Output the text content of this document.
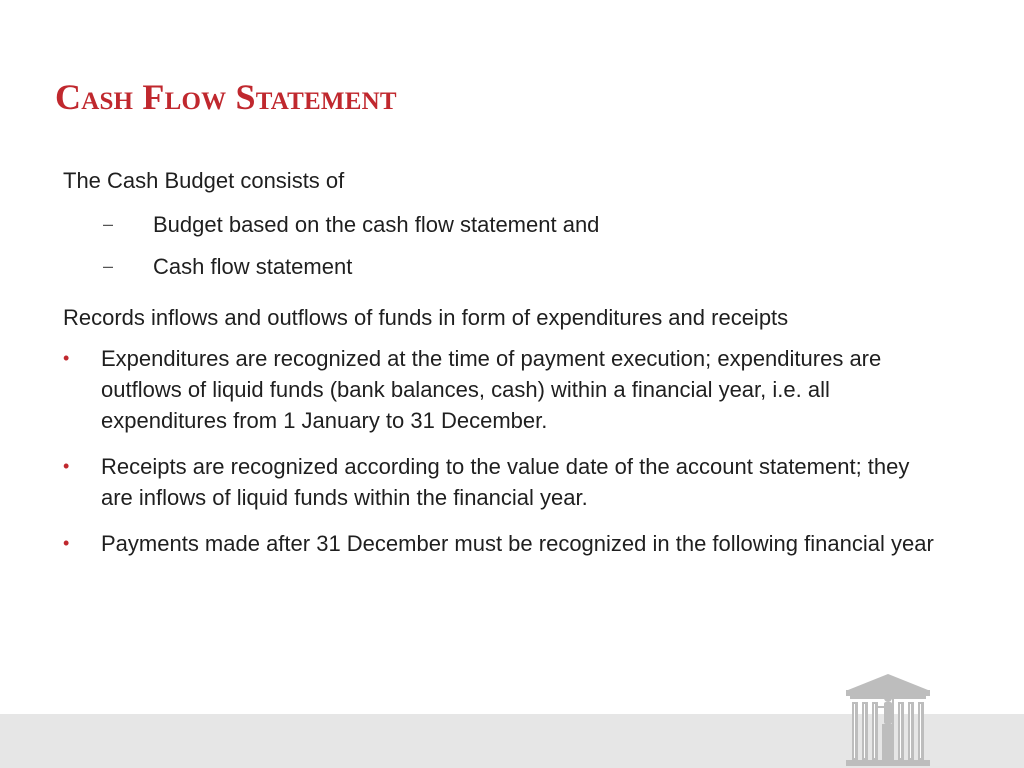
Cash Flow Statement

The Cash Budget consists of

– Budget based on the cash flow statement and
– Cash flow statement

Records inflows and outflows of funds in form of expenditures and receipts

• Expenditures are recognized at the time of payment execution; expenditures are outflows of liquid funds (bank balances, cash) within a financial year, i.e. all expenditures from 1 January to 31 December.
• Receipts are recognized according to the value date of the account statement; they are inflows of liquid funds within the financial year.
• Payments made after 31 December must be recognized in the following financial year
